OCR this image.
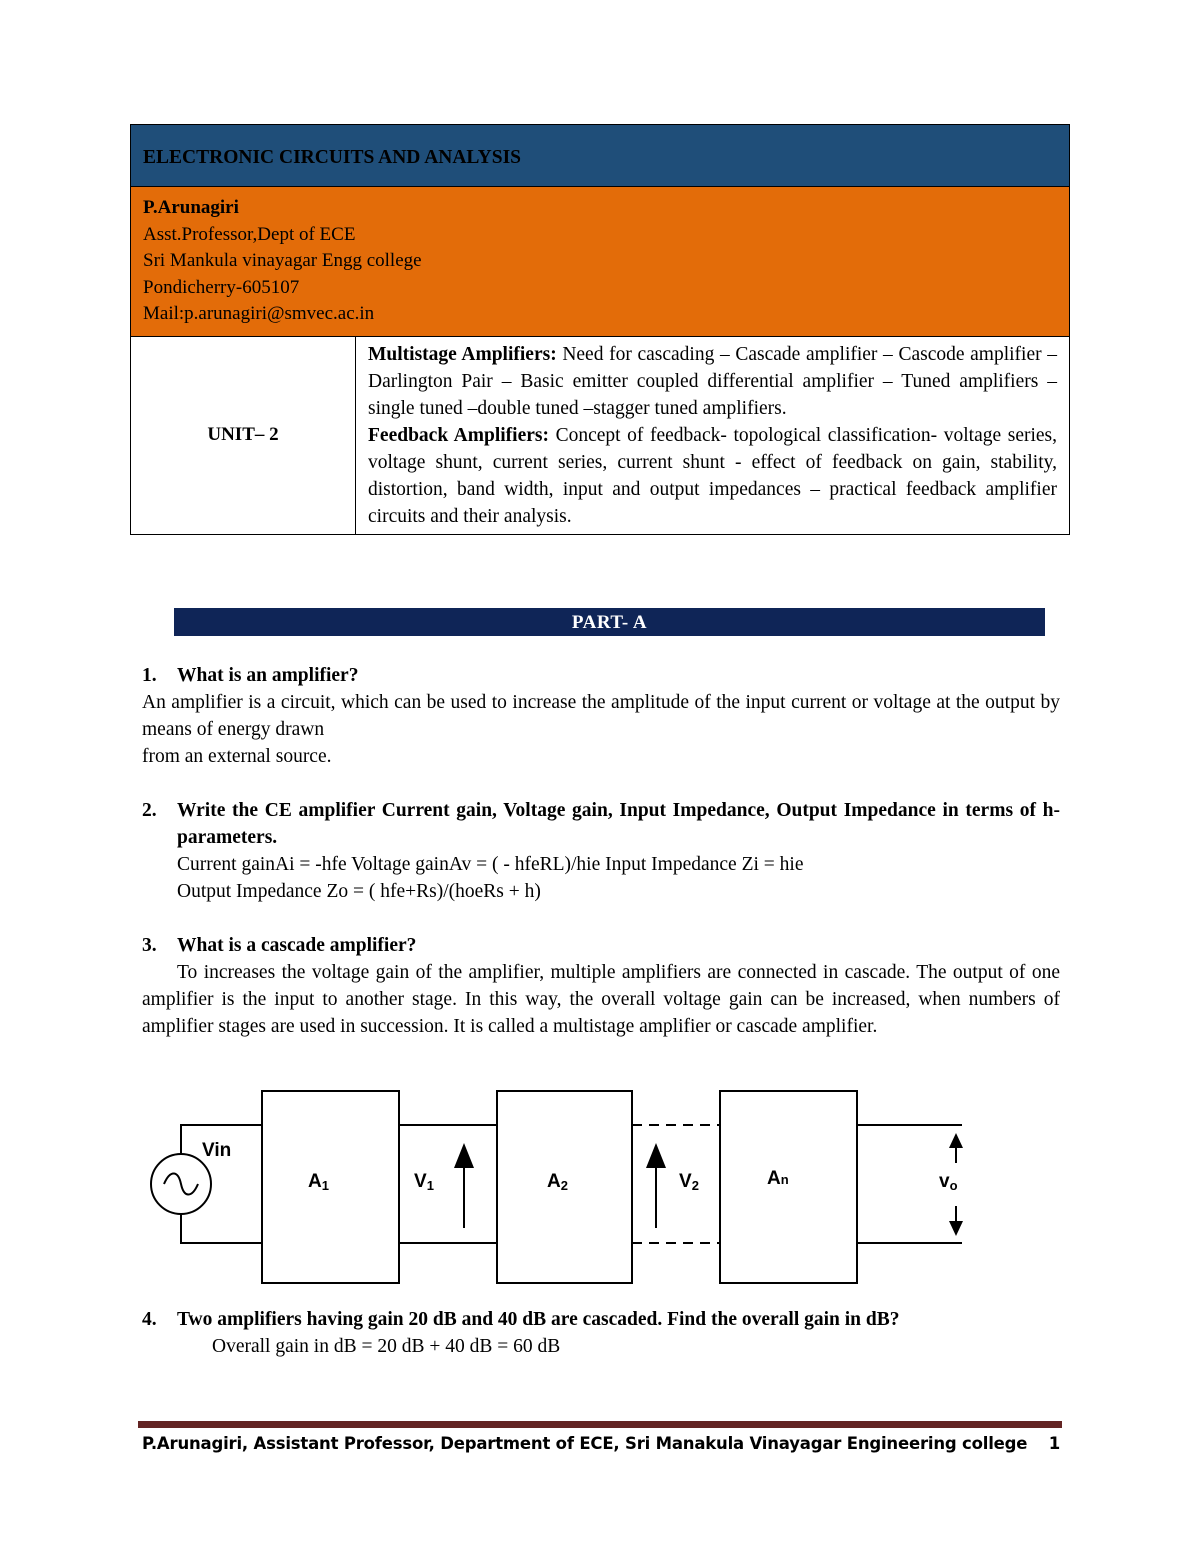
ELECTRONIC CIRCUITS AND ANALYSIS

P.Arunagiri
Asst.Professor,Dept of ECE
Sri Mankula vinayagar Engg college
Pondicherry-605107
Mail:p.arunagiri@smvec.ac.in

UNIT– 2	
Multistage Amplifiers: Need for cascading – Cascade amplifier – Cascode amplifier – Darlington Pair – Basic emitter coupled differential amplifier – Tuned amplifiers – single tuned –double tuned –stagger tuned amplifiers.
Feedback Amplifiers: Concept of feedback- topological classification- voltage series, voltage shunt, current series, current shunt - effect of feedback on gain, stability, distortion, band width, input and output impedances – practical feedback amplifier circuits and their analysis.
PART- A
1.	What is an amplifier?
An amplifier is a circuit, which can be used to increase the amplitude of the input current or voltage at the output by means of energy drawn
from an external source.
2.	Write the CE amplifier Current gain, Voltage gain, Input Impedance, Output Impedance in terms of h-parameters.
Current gainAi = -hfe Voltage gainAv = ( - hfeRL)/hie Input Impedance Zi = hie
Output Impedance Zo = ( hfe+Rs)/(hoeRs + h)
3.	What is a cascade amplifier?
To increases the voltage gain of the amplifier, multiple amplifiers are connected in cascade. The output of one amplifier is the input to another stage. In this way, the overall voltage gain can be increased, when numbers of amplifier stages are used in succession. It is called a multistage amplifier or cascade amplifier.
Vin
A1	V1	A2	V2	An	vo
4.	Two amplifiers having gain 20 dB and 40 dB are cascaded. Find the overall gain in dB?
Overall gain in dB = 20 dB + 40 dB = 60 dB
P.Arunagiri, Assistant Professor, Department of ECE, Sri Manakula Vinayagar Engineering college 1
